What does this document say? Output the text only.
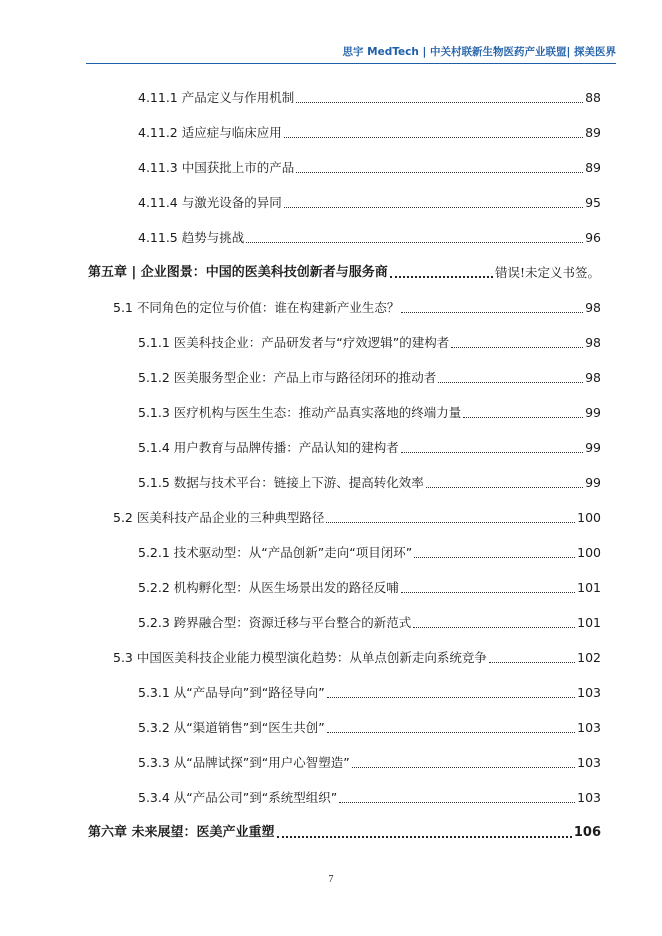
思宇 MedTech | 中关村联新生物医药产业联盟| 探美医界
4.11.1 产品定义与作用机制	88
4.11.2 适应症与临床应用	89
4.11.3 中国获批上市的产品	89
4.11.4 与激光设备的异同	95
4.11.5 趋势与挑战	96
第五章 | 企业图景：中国的医美科技创新者与服务商	错误!未定义书签。
5.1 不同角色的定位与价值：谁在构建新产业生态？	98
5.1.1 医美科技企业：产品研发者与“疗效逻辑”的建构者	98
5.1.2 医美服务型企业：产品上市与路径闭环的推动者	98
5.1.3 医疗机构与医生生态：推动产品真实落地的终端力量	99
5.1.4 用户教育与品牌传播：产品认知的建构者	99
5.1.5 数据与技术平台：链接上下游、提高转化效率	99
5.2 医美科技产品企业的三种典型路径	100
5.2.1 技术驱动型：从“产品创新”走向“项目闭环”	100
5.2.2 机构孵化型：从医生场景出发的路径反哺	101
5.2.3 跨界融合型：资源迁移与平台整合的新范式	101
5.3 中国医美科技企业能力模型演化趋势：从单点创新走向系统竞争	102
5.3.1 从“产品导向”到“路径导向”	103
5.3.2 从“渠道销售”到“医生共创”	103
5.3.3 从“品牌试探”到“用户心智塑造”	103
5.3.4 从“产品公司”到“系统型组织”	103
第六章 未来展望：医美产业重塑	106
7
